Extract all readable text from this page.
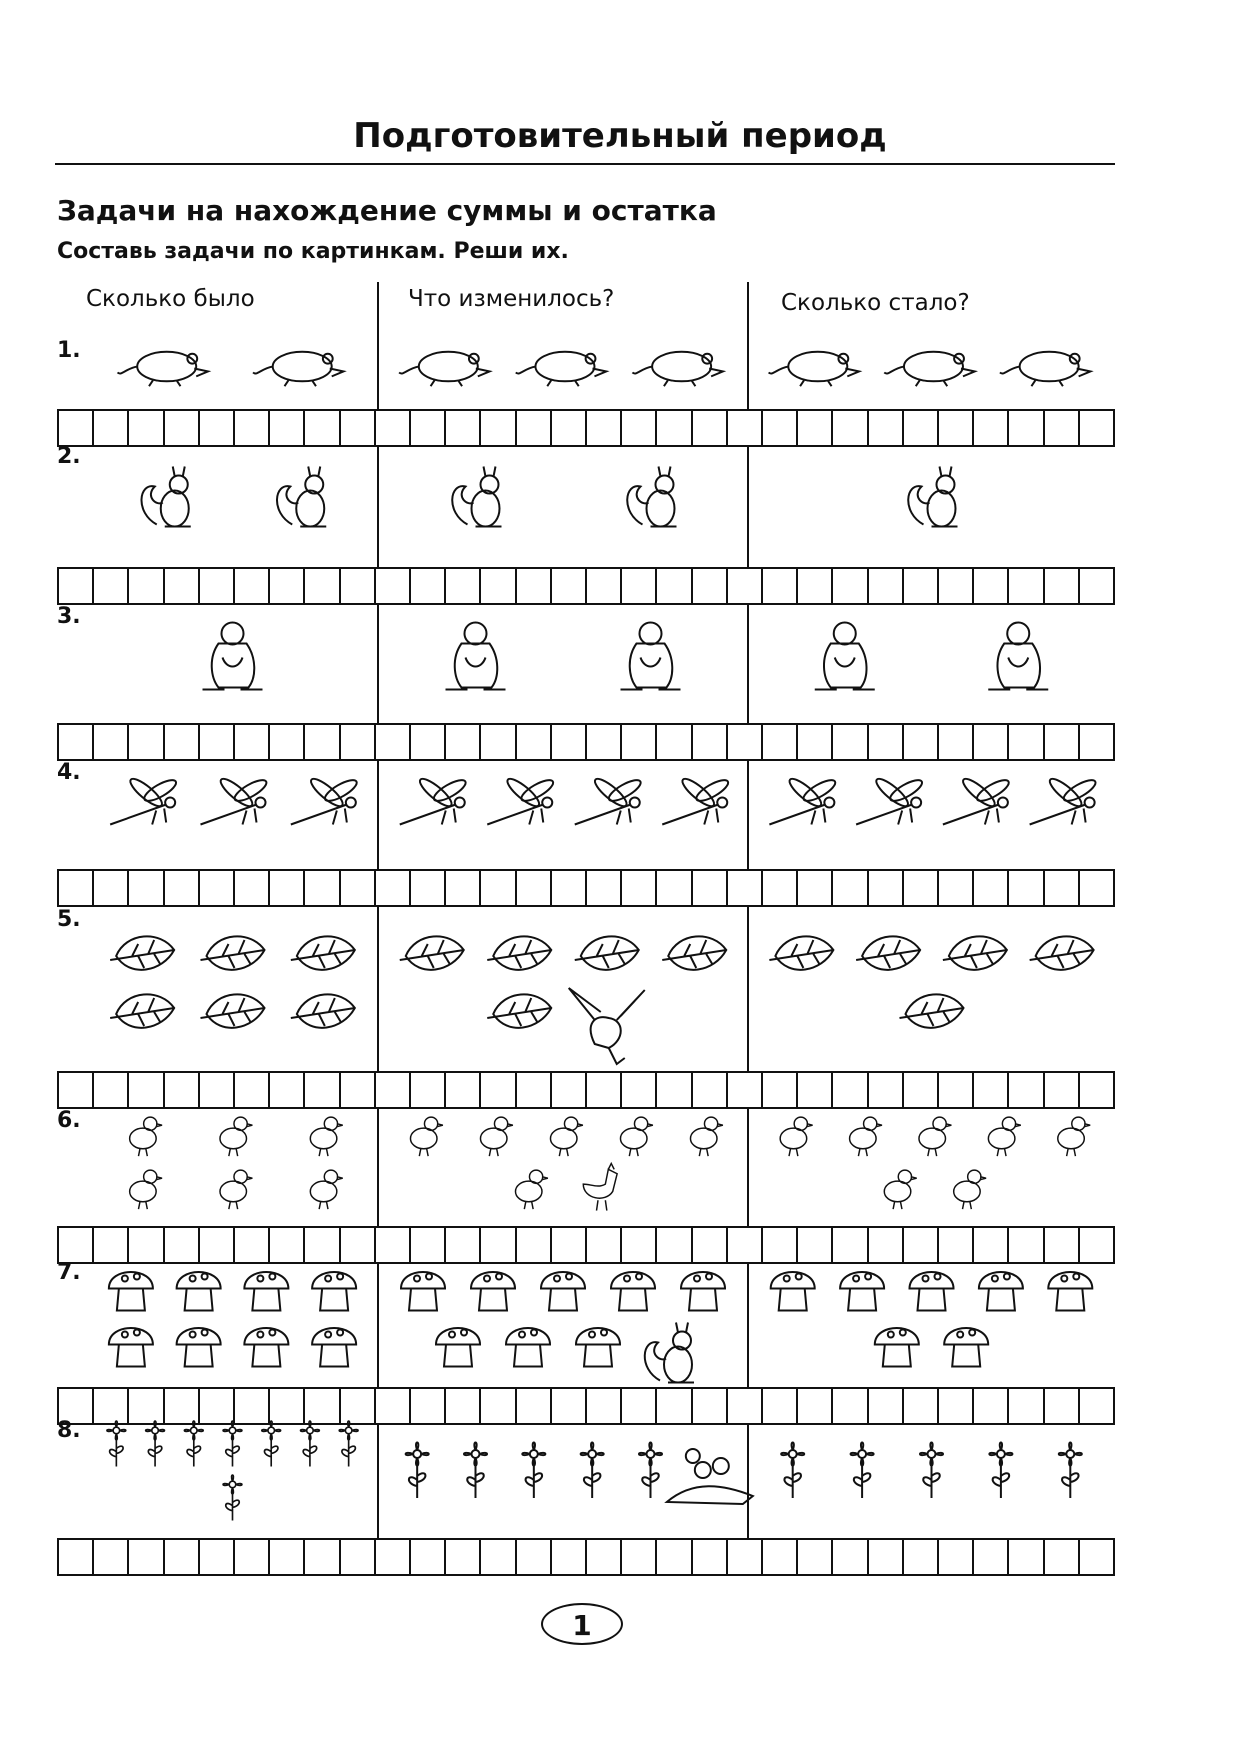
Подготовительный период
Задачи на нахождение суммы и остатка
Составь задачи по картинкам. Реши их.
Сколько было	Что изменилось?	Сколько стало?
1.
2.
3.
4.
5.
6.
7.
8.
1
